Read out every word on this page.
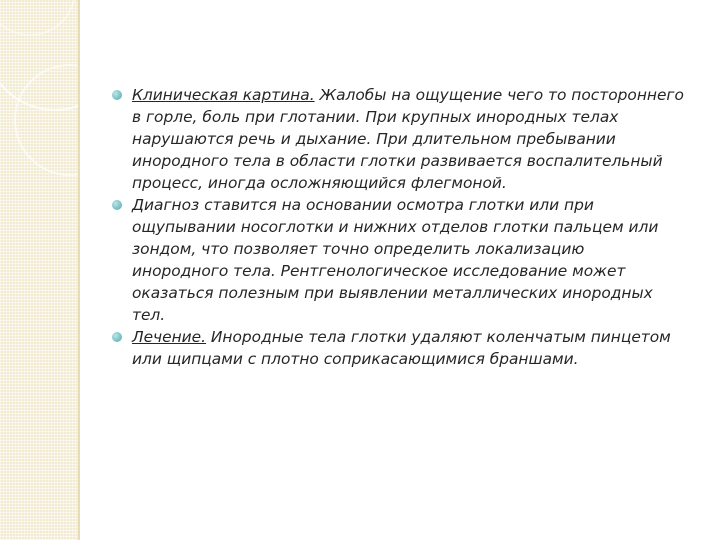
Клиническая картина. Жалобы на ощущение чего то постороннего в горле, боль при глотании. При крупных инородных телах нарушаются речь и дыхание. При длительном пребывании инородного тела в области глотки развивается воспалительный процесс, иногда осложняющийся флегмоной.
Диагноз ставится на основании осмотра глотки или при ощупывании носоглотки и нижних отделов глотки пальцем или зондом, что позволяет точно определить локализацию инородного тела. Рентгенологическое исследование может оказаться полезным при выявлении металлических инородных тел.
Лечение. Инородные тела глотки удаляют коленчатым пинцетом или щипцами с плотно соприкасающимися браншами.
